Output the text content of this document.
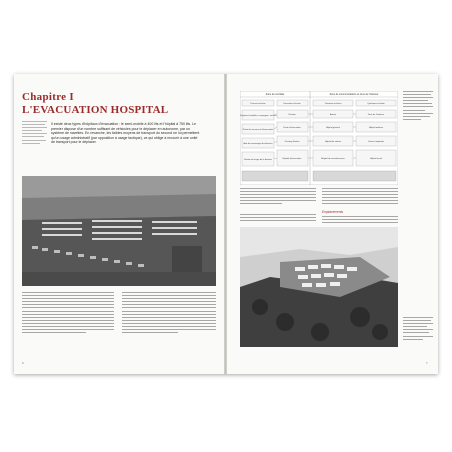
Chapitre I
L'EVACUATION HOSPITAL
Il existe deux types d'hôpitaux d'évacuation : le semi-mobile à 400 lits et l'hôpital à 750 lits. Le premier dispose d'un nombre suffisant de véhicules pour le déplacer en autonome, par un système de navettes. En revanche, les faibles moyens de transport du second ne lui permettent qu'un usage administratif (par opposition à usage tactique), ce qui oblige à recourir à une unité de transport pour le déplacer.
6
Zone de combats	Zone de communications et zone de l'intérieur
Premier échelon
Régiment, bataillon, compagnie, section
Poste de secours et d'évacuation
Aire de ramassage des blessés
Station de triage de la division
Deuxième échelon
Division
Poste d'évacuation
Clearing Station
Hôpital d'évacuation
Troisième échelon
Armée
Hôpital général
Hôpital de station
Hôpital de convalescence
Quatrième échelon
Zone de l'intérieur
Hôpital militaire
Centre hospitalier
Hôpital naval
Emplacements
7
